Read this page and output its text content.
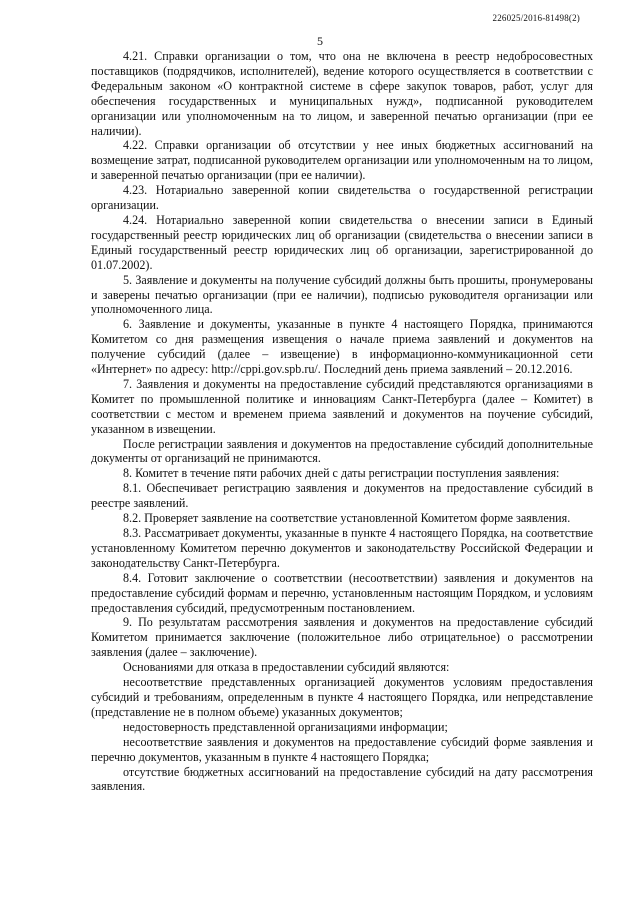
226025/2016-81498(2)
5

4.21. Справки организации о том, что она не включена в реестр недобросовестных поставщиков (подрядчиков, исполнителей), ведение которого осуществляется в соответствии с Федеральным законом «О контрактной системе в сфере закупок товаров, работ, услуг для обеспечения государственных и муниципальных нужд», подписанной руководителем организации или уполномоченным на то лицом, и заверенной печатью организации (при ее наличии).

4.22. Справки организации об отсутствии у нее иных бюджетных ассигнований на возмещение затрат, подписанной руководителем организации или уполномоченным на то лицом, и заверенной печатью организации (при ее наличии).

4.23. Нотариально заверенной копии свидетельства о государственной регистрации организации.

4.24. Нотариально заверенной копии свидетельства о внесении записи в Единый государственный реестр юридических лиц об организации (свидетельства о внесении записи в Единый государственный реестр юридических лиц об организации, зарегистрированной до 01.07.2002).

5. Заявление и документы на получение субсидий должны быть прошиты, пронумерованы и заверены печатью организации (при ее наличии), подписью руководителя организации или уполномоченного лица.

6. Заявление и документы, указанные в пункте 4 настоящего Порядка, принимаются Комитетом со дня размещения извещения о начале приема заявлений и документов на получение субсидий (далее – извещение) в информационно-коммуникационной сети «Интернет» по адресу: http://cppi.gov.spb.ru/. Последний день приема заявлений – 20.12.2016.

7. Заявления и документы на предоставление субсидий представляются организациями в Комитет по промышленной политике и инновациям Санкт-Петербурга (далее – Комитет) в соответствии с местом и временем приема заявлений и документов на поучение субсидий, указанном в извещении.

После регистрации заявления и документов на предоставление субсидий дополнительные документы от организаций не принимаются.

8. Комитет в течение пяти рабочих дней с даты регистрации поступления заявления:

8.1. Обеспечивает регистрацию заявления и документов на предоставление субсидий в реестре заявлений.

8.2. Проверяет заявление на соответствие установленной Комитетом форме заявления.

8.3. Рассматривает документы, указанные в пункте 4 настоящего Порядка, на соответствие установленному Комитетом перечню документов и законодательству Российской Федерации и законодательству Санкт-Петербурга.

8.4. Готовит заключение о соответствии (несоответствии) заявления и документов на предоставление субсидий формам и перечню, установленным настоящим Порядком, и условиям предоставления субсидий, предусмотренным постановлением.

9. По результатам рассмотрения заявления и документов на предоставление субсидий Комитетом принимается заключение (положительное либо отрицательное) о рассмотрении заявления (далее – заключение).

Основаниями для отказа в предоставлении субсидий являются:

несоответствие представленных организацией документов условиям предоставления субсидий и требованиям, определенным в пункте 4 настоящего Порядка, или непредставление (представление не в полном объеме) указанных документов;

недостоверность представленной организациями информации;

несоответствие заявления и документов на предоставление субсидий форме заявления и перечню документов, указанным в пункте 4 настоящего Порядка;

отсутствие бюджетных ассигнований на предоставление субсидий на дату рассмотрения заявления.
